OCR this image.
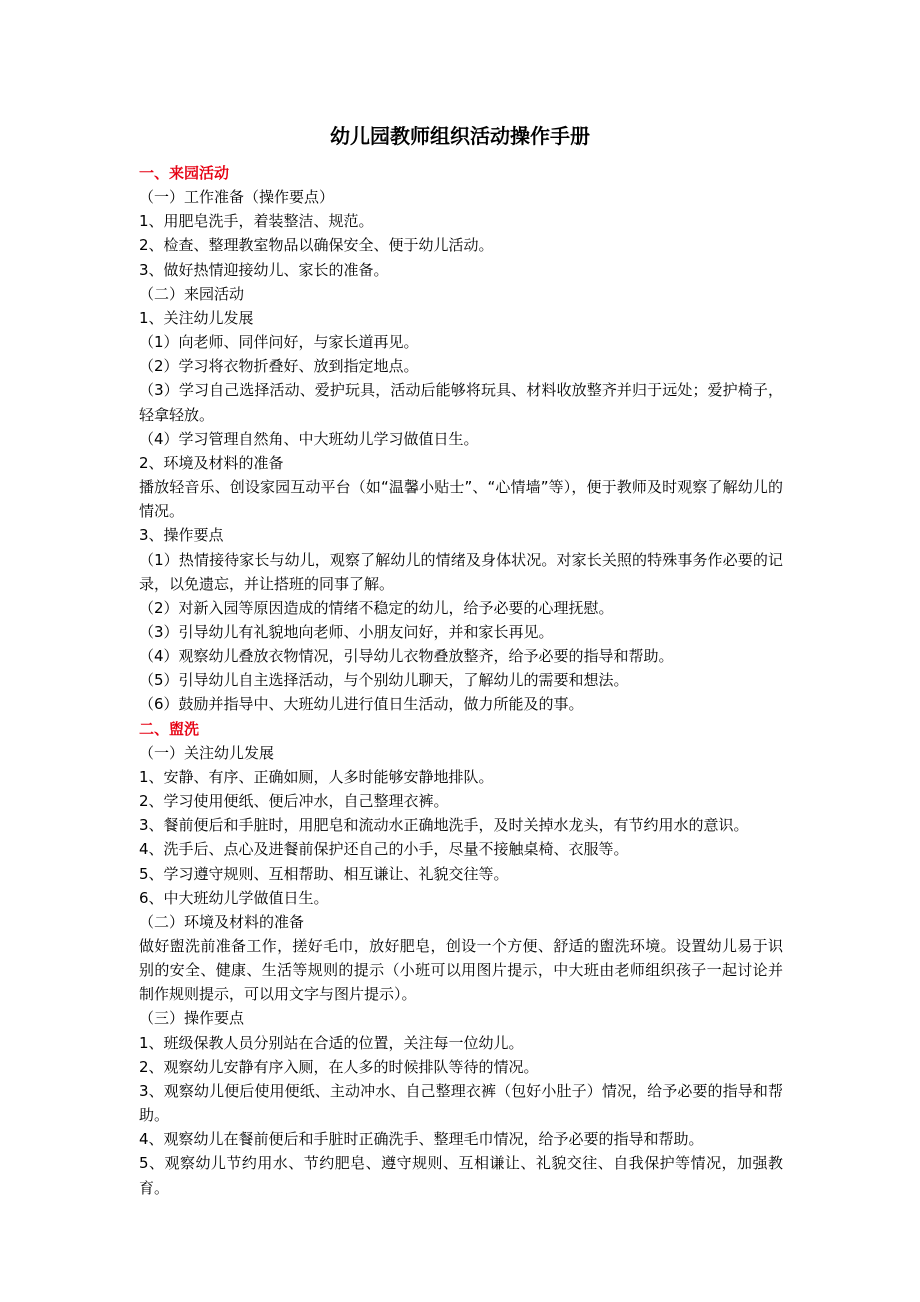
幼儿园教师组织活动操作手册

一、来园活动

（一）工作准备（操作要点）

1、用肥皂洗手，着装整洁、规范。

2、检查、整理教室物品以确保安全、便于幼儿活动。

3、做好热情迎接幼儿、家长的准备。

（二）来园活动

1、关注幼儿发展

（1）向老师、同伴问好，与家长道再见。

（2）学习将衣物折叠好、放到指定地点。

（3）学习自己选择活动、爱护玩具，活动后能够将玩具、材料收放整齐并归于远处；爱护椅子，轻拿轻放。

（4）学习管理自然角、中大班幼儿学习做值日生。

2、环境及材料的准备

播放轻音乐、创设家园互动平台（如“温馨小贴士”、“心情墙”等），便于教师及时观察了解幼儿的情况。

3、操作要点

（1）热情接待家长与幼儿，观察了解幼儿的情绪及身体状况。对家长关照的特殊事务作必要的记录，以免遗忘，并让搭班的同事了解。

（2）对新入园等原因造成的情绪不稳定的幼儿，给予必要的心理抚慰。

（3）引导幼儿有礼貌地向老师、小朋友问好，并和家长再见。

（4）观察幼儿叠放衣物情况，引导幼儿衣物叠放整齐，给予必要的指导和帮助。

（5）引导幼儿自主选择活动，与个别幼儿聊天，了解幼儿的需要和想法。

（6）鼓励并指导中、大班幼儿进行值日生活动，做力所能及的事。

二、盥洗

（一）关注幼儿发展

1、安静、有序、正确如厕，人多时能够安静地排队。

2、学习使用便纸、便后冲水，自己整理衣裤。

3、餐前便后和手脏时，用肥皂和流动水正确地洗手，及时关掉水龙头，有节约用水的意识。

4、洗手后、点心及进餐前保护还自己的小手，尽量不接触桌椅、衣服等。

5、学习遵守规则、互相帮助、相互谦让、礼貌交往等。

6、中大班幼儿学做值日生。

（二）环境及材料的准备

做好盥洗前准备工作，搓好毛巾，放好肥皂，创设一个方便、舒适的盥洗环境。设置幼儿易于识别的安全、健康、生活等规则的提示（小班可以用图片提示，中大班由老师组织孩子一起讨论并制作规则提示，可以用文字与图片提示）。

（三）操作要点

1、班级保教人员分别站在合适的位置，关注每一位幼儿。

2、观察幼儿安静有序入厕，在人多的时候排队等待的情况。

3、观察幼儿便后使用便纸、主动冲水、自己整理衣裤（包好小肚子）情况，给予必要的指导和帮助。

4、观察幼儿在餐前便后和手脏时正确洗手、整理毛巾情况，给予必要的指导和帮助。

5、观察幼儿节约用水、节约肥皂、遵守规则、互相谦让、礼貌交往、自我保护等情况，加强教育。
